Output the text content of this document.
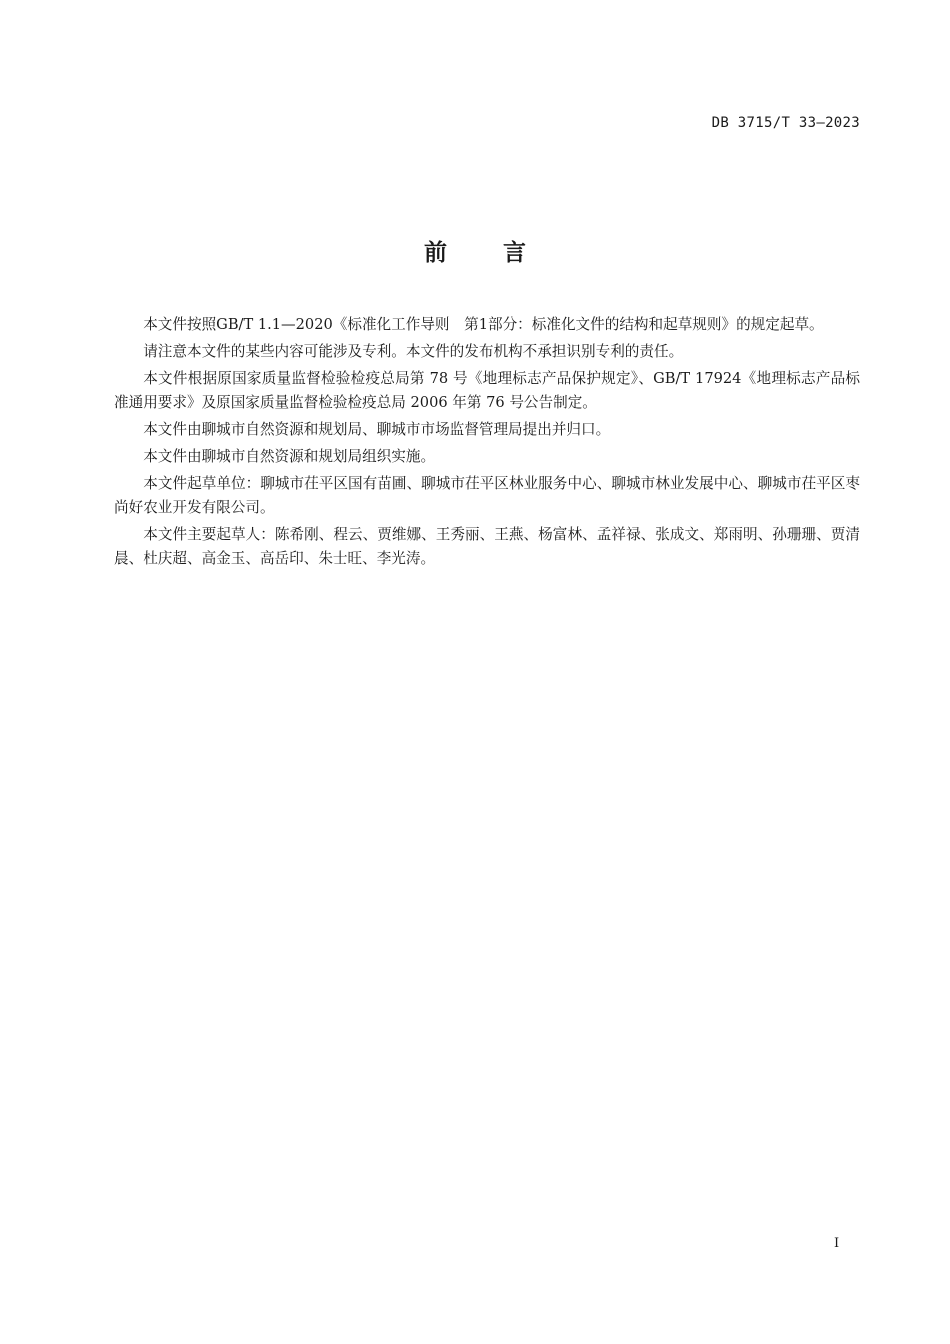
DB 3715/T 33—2023
前言

本文件按照GB/T 1.1—2020《标准化工作导则　第1部分：标准化文件的结构和起草规则》的规定起草。

请注意本文件的某些内容可能涉及专利。本文件的发布机构不承担识别专利的责任。

本文件根据原国家质量监督检验检疫总局第 78 号《地理标志产品保护规定》、GB/T 17924《地理标志产品标准通用要求》及原国家质量监督检验检疫总局 2006 年第 76 号公告制定。

本文件由聊城市自然资源和规划局、聊城市市场监督管理局提出并归口。

本文件由聊城市自然资源和规划局组织实施。

本文件起草单位：聊城市茌平区国有苗圃、聊城市茌平区林业服务中心、聊城市林业发展中心、聊城市茌平区枣尚好农业开发有限公司。

本文件主要起草人：陈希刚、程云、贾维娜、王秀丽、王燕、杨富林、孟祥禄、张成文、郑雨明、孙珊珊、贾清晨、杜庆超、高金玉、高岳印、朱士旺、李光涛。

I
